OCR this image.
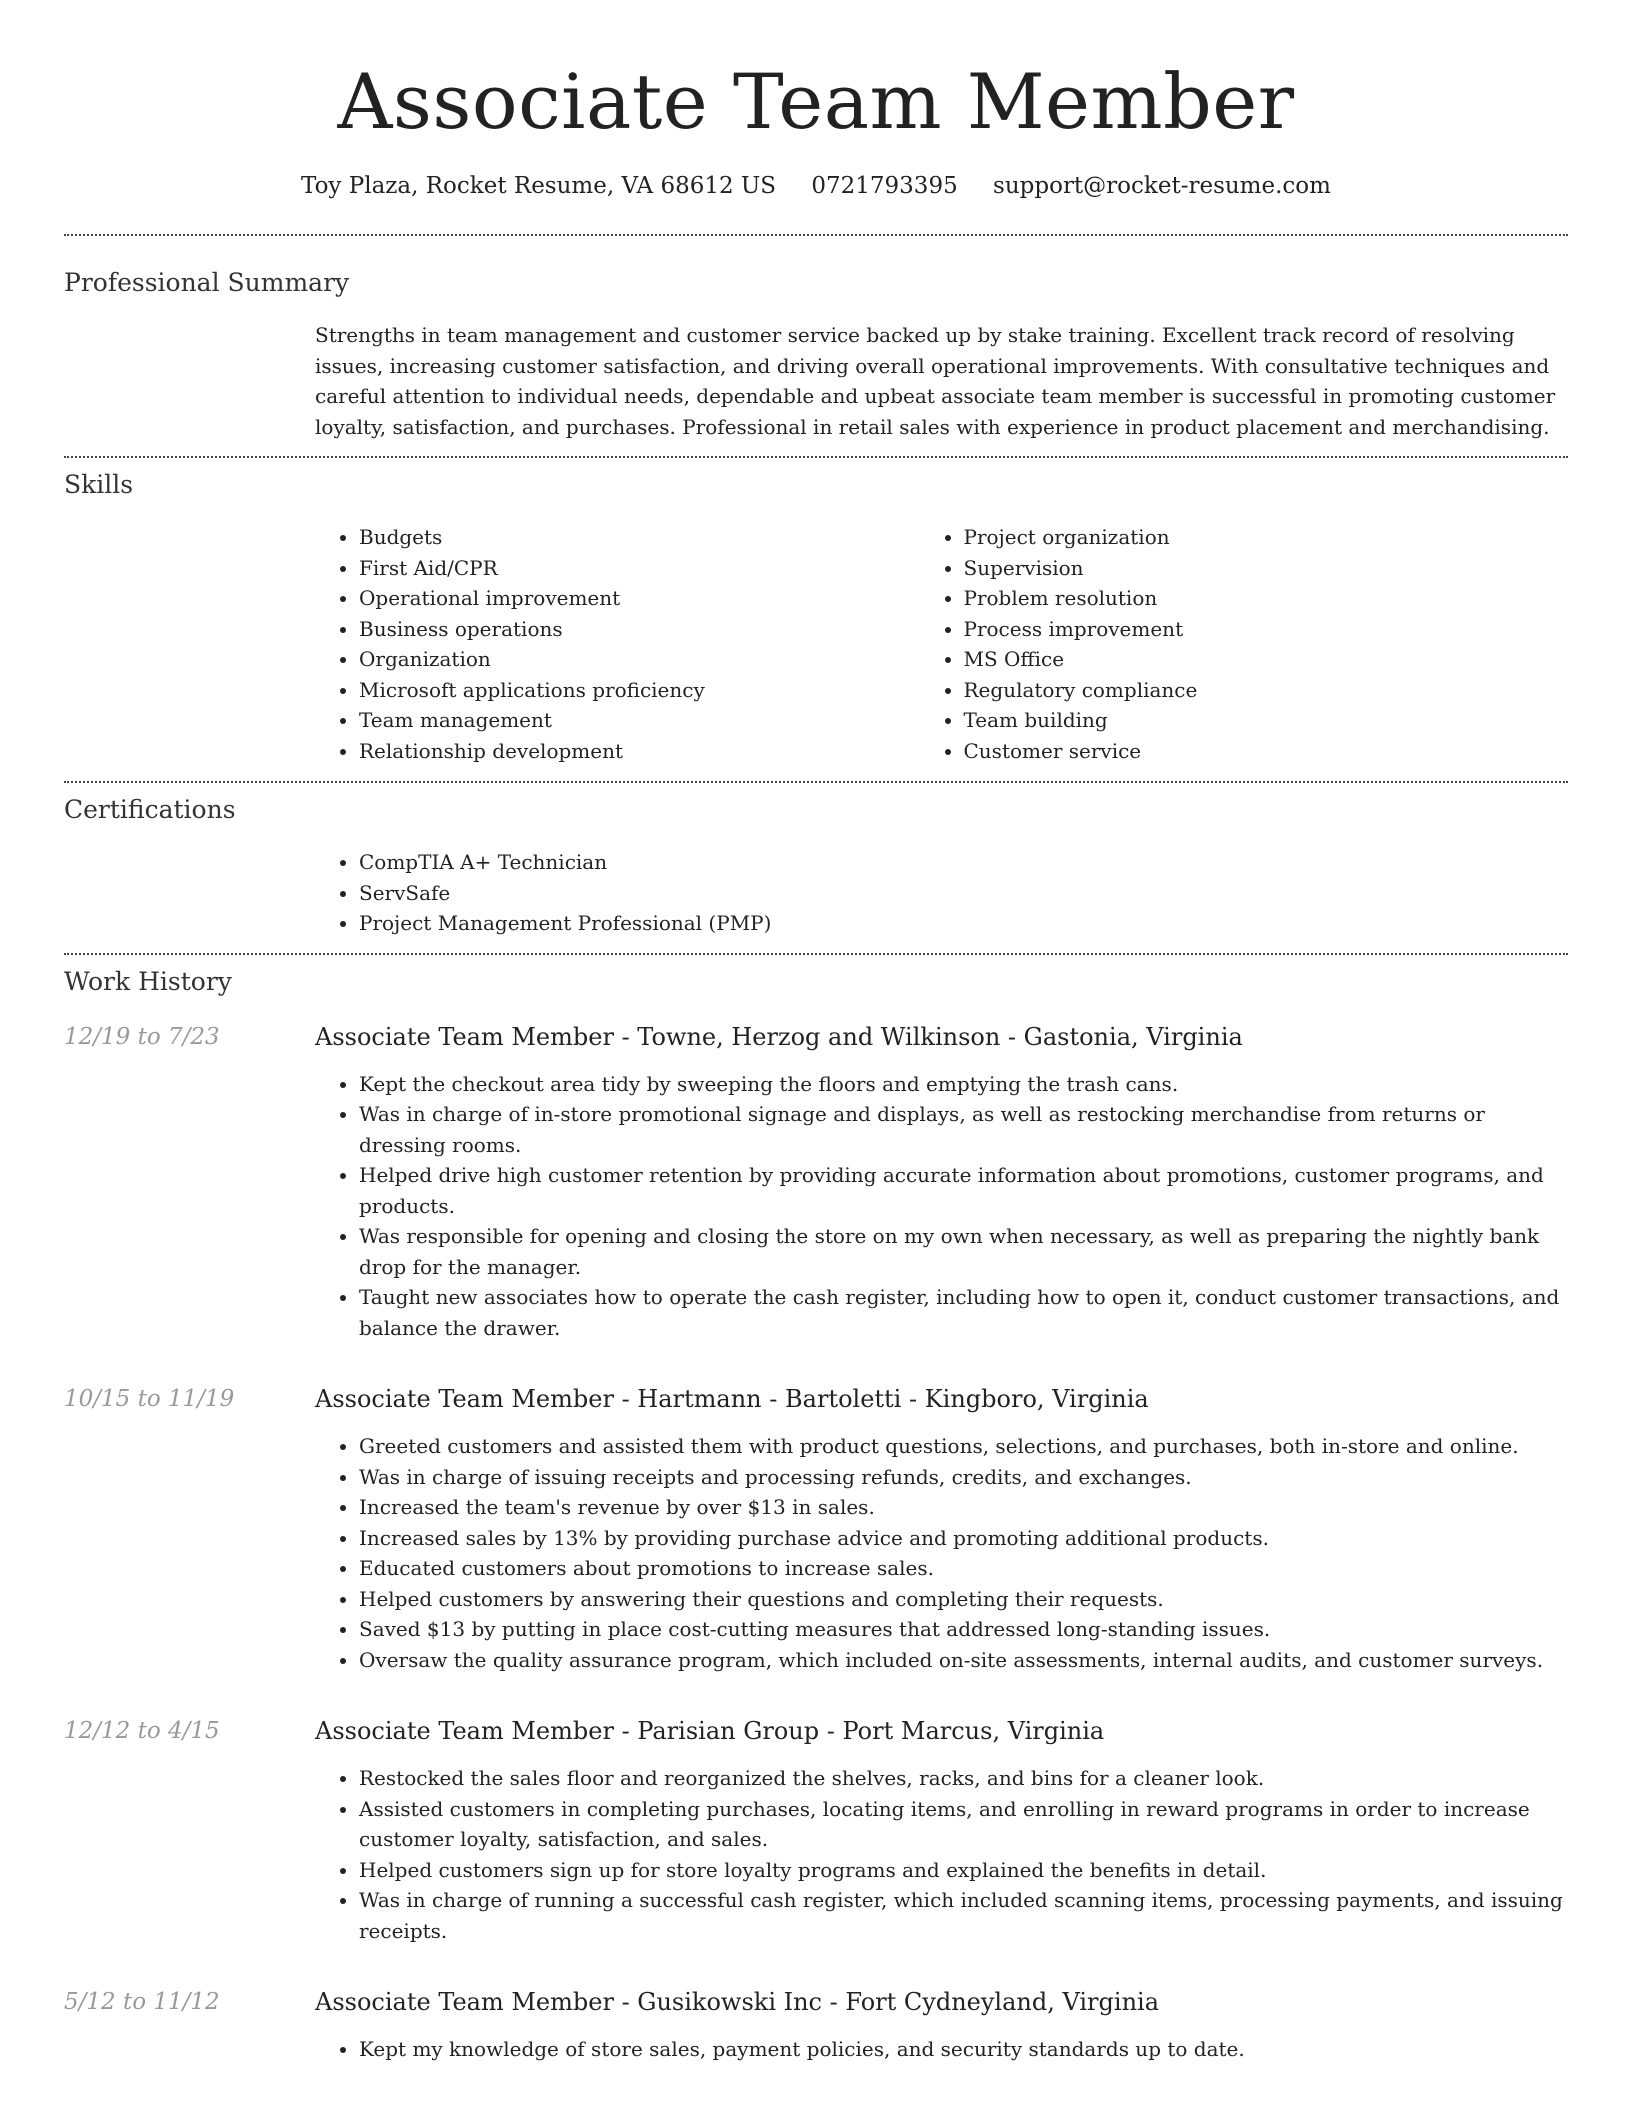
Associate Team Member
Toy Plaza, Rocket Resume, VA 68612 US 0721793395 support@rocket-resume.com
Professional Summary
Strengths in team management and customer service backed up by stake training. Excellent track record of resolving issues, increasing customer satisfaction, and driving overall operational improvements. With consultative techniques and careful attention to individual needs, dependable and upbeat associate team member is successful in promoting customer loyalty, satisfaction, and purchases. Professional in retail sales with experience in product placement and merchandising.
Skills
• Budgets
• First Aid/CPR
• Operational improvement
• Business operations
• Organization
• Microsoft applications proficiency
• Team management
• Relationship development
• Project organization
• Supervision
• Problem resolution
• Process improvement
• MS Office
• Regulatory compliance
• Team building
• Customer service
Certifications
• CompTIA A+ Technician
• ServSafe
• Project Management Professional (PMP)
Work History
12/19 to 7/23	Associate Team Member - Towne, Herzog and Wilkinson - Gastonia, Virginia
• Kept the checkout area tidy by sweeping the floors and emptying the trash cans.
• Was in charge of in-store promotional signage and displays, as well as restocking merchandise from returns or dressing rooms.
• Helped drive high customer retention by providing accurate information about promotions, customer programs, and products.
• Was responsible for opening and closing the store on my own when necessary, as well as preparing the nightly bank drop for the manager.
• Taught new associates how to operate the cash register, including how to open it, conduct customer transactions, and balance the drawer.
10/15 to 11/19	Associate Team Member - Hartmann - Bartoletti - Kingboro, Virginia
• Greeted customers and assisted them with product questions, selections, and purchases, both in-store and online.
• Was in charge of issuing receipts and processing refunds, credits, and exchanges.
• Increased the team's revenue by over $13 in sales.
• Increased sales by 13% by providing purchase advice and promoting additional products.
• Educated customers about promotions to increase sales.
• Helped customers by answering their questions and completing their requests.
• Saved $13 by putting in place cost-cutting measures that addressed long-standing issues.
• Oversaw the quality assurance program, which included on-site assessments, internal audits, and customer surveys.
12/12 to 4/15	Associate Team Member - Parisian Group - Port Marcus, Virginia
• Restocked the sales floor and reorganized the shelves, racks, and bins for a cleaner look.
• Assisted customers in completing purchases, locating items, and enrolling in reward programs in order to increase customer loyalty, satisfaction, and sales.
• Helped customers sign up for store loyalty programs and explained the benefits in detail.
• Was in charge of running a successful cash register, which included scanning items, processing payments, and issuing receipts.
5/12 to 11/12	Associate Team Member - Gusikowski Inc - Fort Cydneyland, Virginia
• Kept my knowledge of store sales, payment policies, and security standards up to date.
